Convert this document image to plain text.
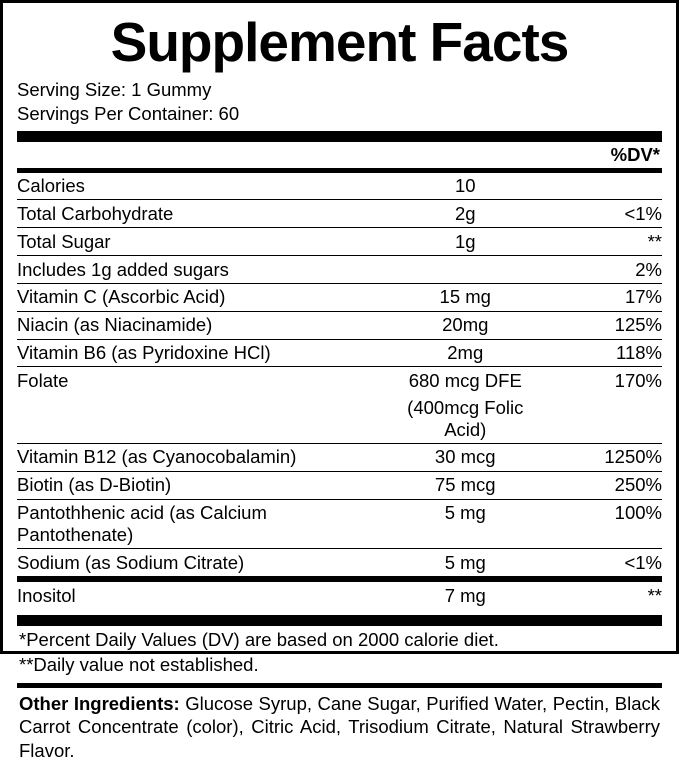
Supplement Facts
Serving Size: 1 Gummy
Servings Per Container: 60
%DV*
Calories	10	
Total Carbohydrate	2g	<1%
Total Sugar	1g	**
Includes 1g added sugars		2%
Vitamin C (Ascorbic Acid)	15 mg	17%
Niacin (as Niacinamide)	20mg	125%
Vitamin B6 (as Pyridoxine HCl)	2mg	118%
Folate	680 mcg DFE	170%
	(400mcg Folic Acid)	
Vitamin B12 (as Cyanocobalamin)	30 mcg	1250%
Biotin (as D-Biotin)	75 mcg	250%
Pantothhenic acid (as Calcium Pantothenate)	5 mg	100%
Sodium (as Sodium Citrate)	5 mg	<1%
Inositol	7 mg	**
*Percent Daily Values (DV) are based on 2000 calorie diet.
**Daily value not established.
Other Ingredients: Glucose Syrup, Cane Sugar, Purified Water, Pectin, Black Carrot Concentrate (color), Citric Acid, Trisodium Citrate, Natural Strawberry Flavor.
